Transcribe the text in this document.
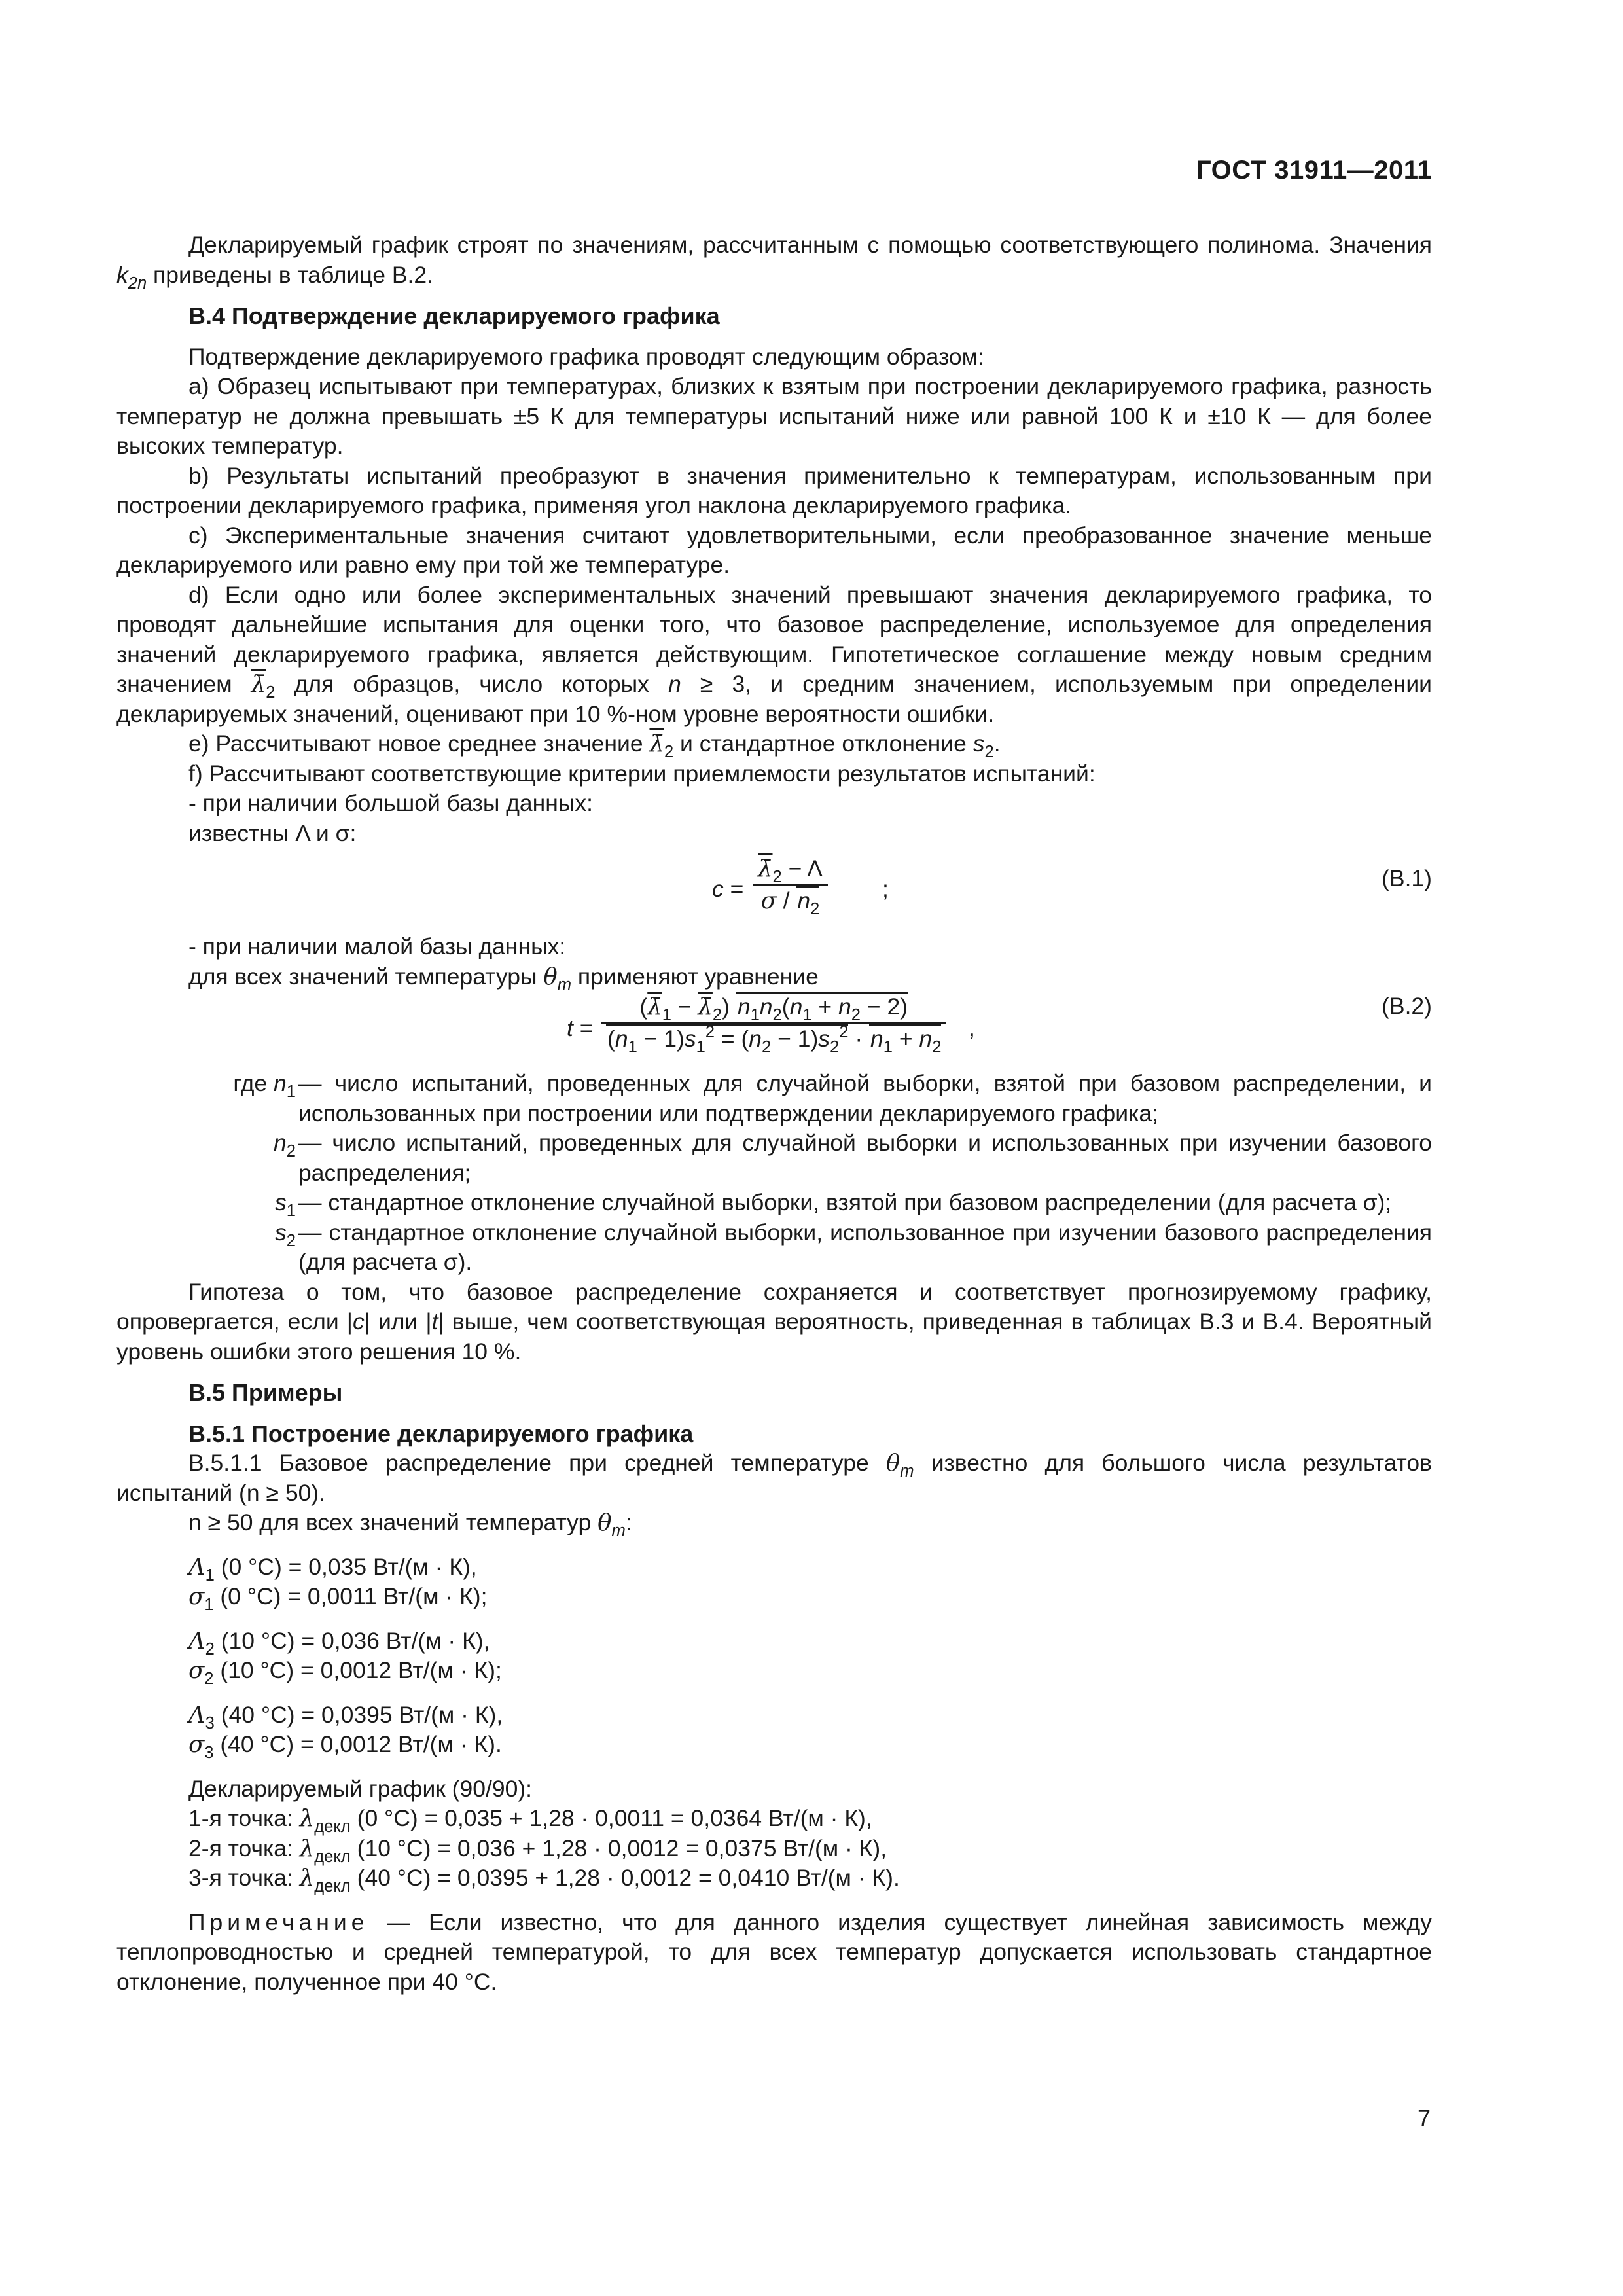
ГОСТ 31911—2011

Декларируемый график строят по значениям, рассчитанным с помощью соответствующего полинома. Значения $k_{2n}$ приведены в таблице В.2.

В.4 Подтверждение декларируемого графика

Подтверждение декларируемого графика проводят следующим образом:

а) Образец испытывают при температурах, близких к взятым при построении декларируемого графика, разность температур не должна превышать ±5 К для температуры испытаний ниже или равной 100 К и ±10 К — для более высоких температур.

b) Результаты испытаний преобразуют в значения применительно к температурам, использованным при построении декларируемого графика, применяя угол наклона декларируемого графика.

c) Экспериментальные значения считают удовлетворительными, если преобразованное значение меньше декларируемого или равно ему при той же температуре.

d) Если одно или более экспериментальных значений превышают значения декларируемого графика, то проводят дальнейшие испытания для оценки того, что базовое распределение, используемое для определения значений декларируемого графика, является действующим. Гипотетическое соглашение между новым средним значением $\lambdā_2$ для образцов, число которых n ≥ 3, и средним значением, используемым при определении декларируемых значений, оценивают при 10 %-ном уровне вероятности ошибки.

e) Рассчитывают новое среднее значение $\lambdā_2$ и стандартное отклонение $s_2$.

f) Рассчитывают соответствующие критерии приемлемости результатов испытаний:

- при наличии большой базы данных:

известны Λ и σ:

$c = \frac{\lambdā_2 - \Lambda}{\sigma / n_2}$ ;	(В.1)

- при наличии малой базы данных:

для всех значений температуры $\theta_m$ применяют уравнение

$t = \frac{(\lambdā_1 - \lambdā_2) n_1n_2(n_1 + n_2 - 2)}{(n_1 - 1)s_1^2 = (n_2 - 1)s_2^2 \cdot n_1 + n_2}$ ,
(В.2)

где $n_1$ — число испытаний, проведенных для случайной выборки, взятой при базовом распределении, и использованных при построении или подтверждении декларируемого графика;

$n_2$ — число испытаний, проведенных для случайной выборки и использованных при изучении базового распределения;

$s_1$ — стандартное отклонение случайной выборки, взятой при базовом распределении (для расчета σ);

$s_2$ — стандартное отклонение случайной выборки, использованное при изучении базового распределения (для расчета σ).

Гипотеза о том, что базовое распределение сохраняется и соответствует прогнозируемому графику, опровергается, если |c| или |t| выше, чем соответствующая вероятность, приведенная в таблицах В.3 и В.4. Вероятный уровень ошибки этого решения 10 %.

В.5 Примеры

В.5.1 Построение декларируемого графика

В.5.1.1 Базовое распределение при средней температуре $\theta_m$ известно для большого числа результатов испытаний (n ≥ 50).

n ≥ 50 для всех значений температур $\theta_m$:

$\Lambda_1$ (0 °С) = 0,035 Вт/(м · К),

$\sigma_1$ (0 °С) = 0,0011 Вт/(м · К);

$\Lambda_2$ (10 °С) = 0,036 Вт/(м · К),

$\sigma_2$ (10 °С) = 0,0012 Вт/(м · К);

$\Lambda_3$ (40 °С) = 0,0395 Вт/(м · К),

$\sigma_3$ (40 °С) = 0,0012 Вт/(м · К).

Декларируемый график (90/90):

1-я точка: $\lambda_{декл}$ (0 °С) = 0,035 + 1,28 · 0,0011 = 0,0364 Вт/(м · К),

2-я точка: $\lambda_{декл}$ (10 °С) = 0,036 + 1,28 · 0,0012 = 0,0375 Вт/(м · К),

3-я точка: $\lambda_{декл}$ (40 °С) = 0,0395 + 1,28 · 0,0012 = 0,0410 Вт/(м · К).

Примечание — Если известно, что для данного изделия существует линейная зависимость между теплопроводностью и средней температурой, то для всех температур допускается использовать стандартное отклонение, полученное при 40 °С.

7
